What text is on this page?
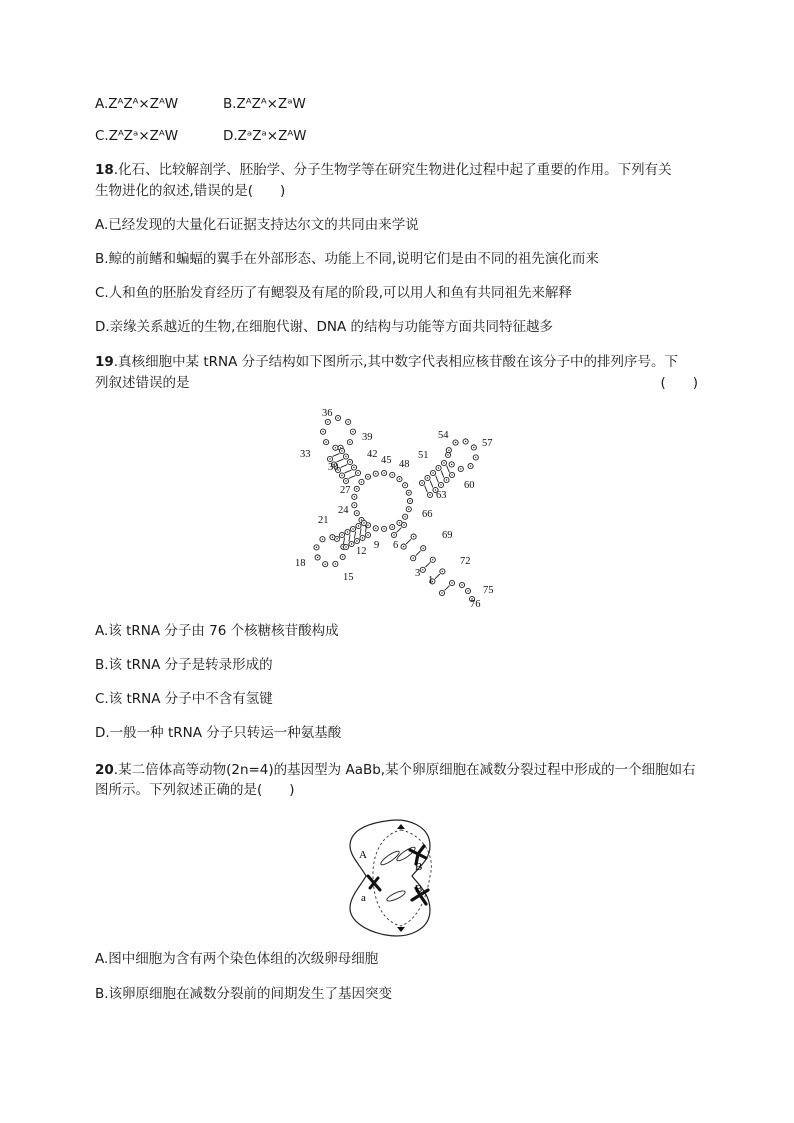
A.ZᴬZᴬ×ZᴬW	B.ZᴬZᴬ×ZᵃW
C.ZᴬZᵃ×ZᴬW	D.ZᵃZᵃ×ZᴬW
18.化石、比较解剖学、胚胎学、分子生物学等在研究生物进化过程中起了重要的作用。下列有关
生物进化的叙述,错误的是(　　)
A.已经发现的大量化石证据支持达尔文的共同由来学说
B.鲸的前鳍和蝙蝠的翼手在外部形态、功能上不同,说明它们是由不同的祖先演化而来
C.人和鱼的胚胎发育经历了有鳃裂及有尾的阶段,可以用人和鱼有共同祖先来解释
D.亲缘关系越近的生物,在细胞代谢、DNA 的结构与功能等方面共同特征越多
19.真核细胞中某 tRNA 分子结构如下图所示,其中数字代表相应核苷酸在该分子中的排列序号。下
列叙述错误的是	(　　)
36
39
33	42
30
45 48
54
57
51
27	63
60
24	66
21
69
9 6
12
18
15	3
72
1
75
76
A.该 tRNA 分子由 76 个核糖核苷酸构成
B.该 tRNA 分子是转录形成的
C.该 tRNA 分子中不含有氢键
D.一般一种 tRNA 分子只转运一种氨基酸
20.某二倍体高等动物(2n=4)的基因型为 AaBb,某个卵原细胞在减数分裂过程中形成的一个细胞如右
图所示。下列叙述正确的是(　　)
A
B
a
B
A.图中细胞为含有两个染色体组的次级卵母细胞
B.该卵原细胞在减数分裂前的间期发生了基因突变
